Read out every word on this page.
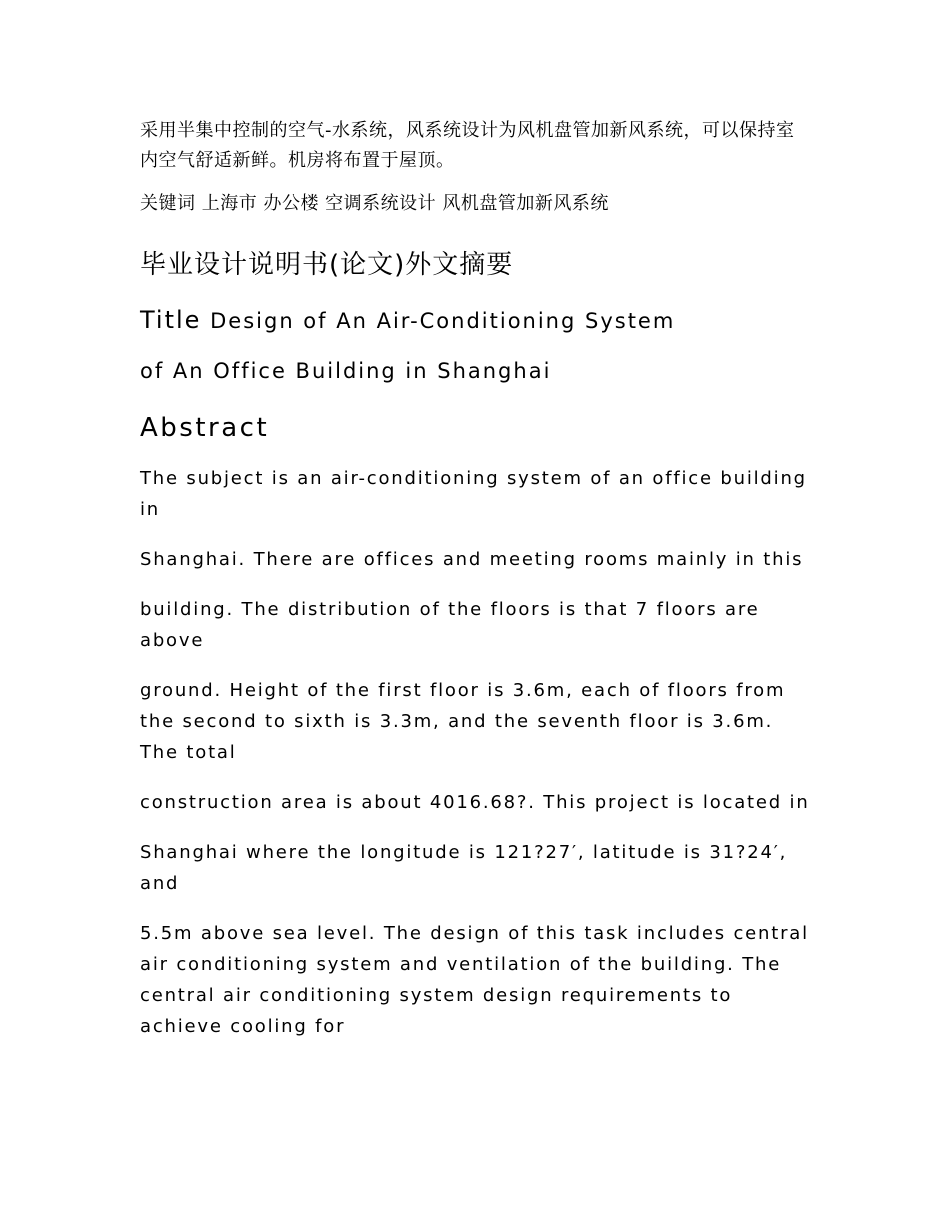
采用半集中控制的空气-水系统，风系统设计为风机盘管加新风系统，可以保持室内空气舒适新鲜。机房将布置于屋顶。

关键词 上海市 办公楼 空调系统设计 风机盘管加新风系统

毕业设计说明书(论文)外文摘要

Title Design of An Air-Conditioning System

of An Office Building in Shanghai

Abstract

The subject is an air-conditioning system of an office building in

Shanghai. There are offices and meeting rooms mainly in this

building. The distribution of the floors is that 7 floors are above

ground. Height of the first floor is 3.6m, each of floors from the second to sixth is 3.3m, and the seventh floor is 3.6m. The total

construction area is about 4016.68?. This project is located in

Shanghai where the longitude is 121?27′, latitude is 31?24′, and

5.5m above sea level. The design of this task includes central air conditioning system and ventilation of the building. The central air conditioning system design requirements to achieve cooling for
